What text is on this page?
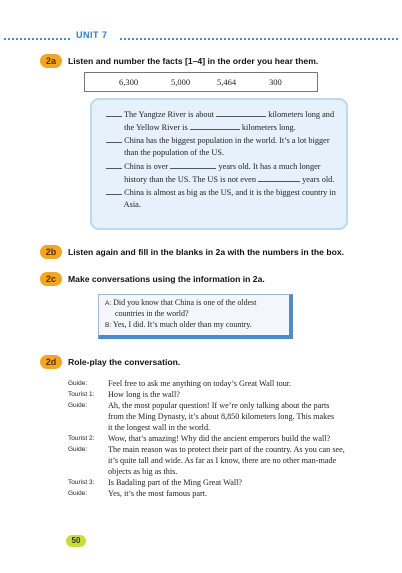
UNIT 7
2a	Listen and number the facts [1–4] in the order you hear them.
6,300	5,000	5,464	300
The Yangtze River is about	kilometers long and
the Yellow River is	kilometers long.
China has the biggest population in the world. It’s a lot bigger
than the population of the US.
China is over	years old. It has a much longer
history than the US. The US is not even	years old.
China is almost as big as the US, and it is the biggest country in
Asia.
2b	Listen again and fill in the blanks in 2a with the numbers in the box.
2c	Make conversations using the information in 2a.
A: Did you know that China is one of the oldest
countries in the world?
B: Yes, I did. It’s much older than my country.
2d	Role-play the conversation.
Guide:	Feel free to ask me anything on today’s Great Wall tour.
Tourist 1: How long is the wall?
Guide:	Ah, the most popular question! If we’re only talking about the parts
from the Ming Dynasty, it’s about 8,850 kilometers long. This makes
it the longest wall in the world.
Tourist 2: Wow, that’s amazing! Why did the ancient emperors build the wall?
Guide:	The main reason was to protect their part of the country. As you can see,
it’s quite tall and wide. As far as I know, there are no other man-made
objects as big as this.
Tourist 3: Is Badaling part of the Ming Great Wall?
Guide:	Yes, it’s the most famous part.
50
